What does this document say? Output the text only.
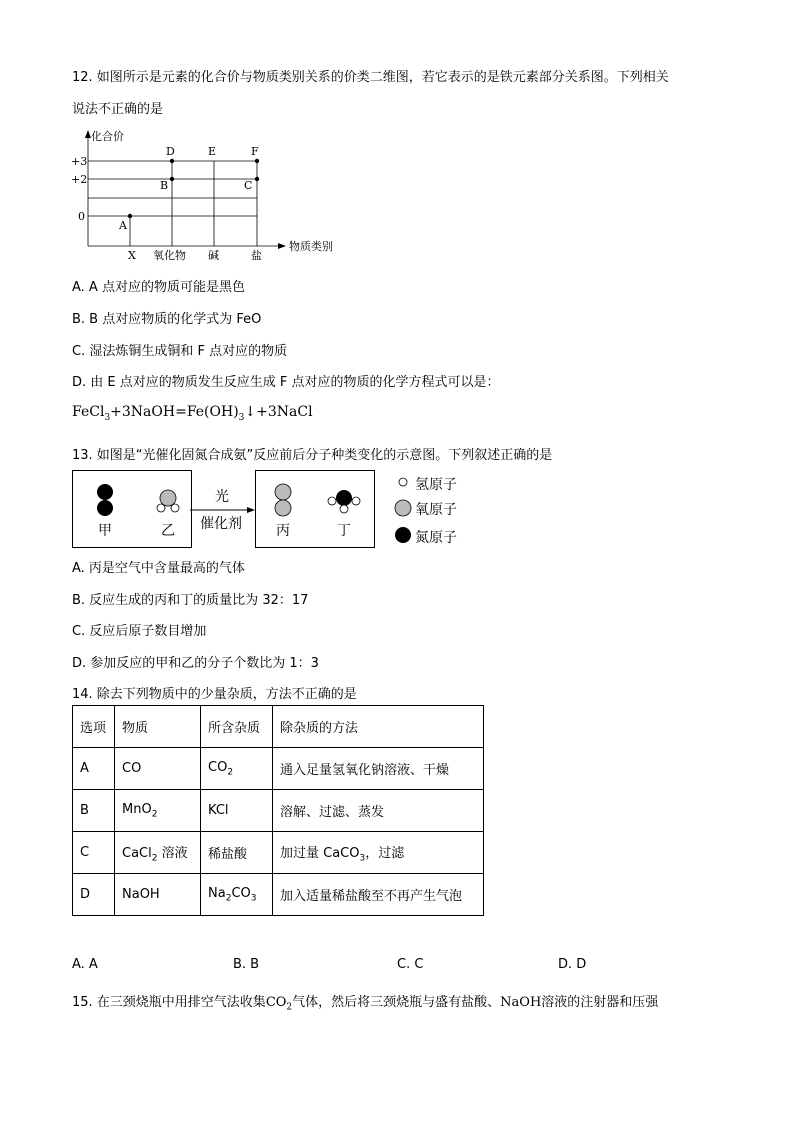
12. 如图所示是元素的化合价与物质类别关系的价类二维图，若它表示的是铁元素部分关系图。下列相关
说法不正确的是
化合价
+3
+2
0
D	E	F
B	C
A
X 氧化物 碱	盐
物质类别
A. A 点对应的物质可能是黑色
B. B 点对应物质的化学式为 FeO
C. 湿法炼铜生成铜和 F 点对应的物质
D. 由 E 点对应的物质发生反应生成 F 点对应的物质的化学方程式可以是：
$FeCl_3+3NaOH=Fe(OH)_3↓+3NaCl$
13. 如图是“光催化固氮合成氨”反应前后分子种类变化的示意图。下列叙述正确的是
甲	乙
光
催化剂 丙	丁
氢原子
氧原子
氮原子
A. 丙是空气中含量最高的气体
B. 反应生成的丙和丁的质量比为 32：17
C. 反应后原子数目增加
D. 参加反应的甲和乙的分子个数比为 1：3
14. 除去下列物质中的少量杂质，方法不正确的是
选项	物质	所含杂质	除杂质的方法
A	CO	$CO_2$	通入足量氢氧化钠溶液、干燥
B	MnO$_2$	KCl	溶解、过滤、蒸发
C	CaCl$_2$ 溶液	稀盐酸	加过量 CaCO$_3$，过滤
D	NaOH	$Na_2CO_3$	加入适量稀盐酸至不再产生气泡
A. A	B. B	C. C	D. D
15. 在三颈烧瓶中用排空气法收集$CO_2$气体，然后将三颈烧瓶与盛有盐酸、NaOH溶液的注射器和压强
